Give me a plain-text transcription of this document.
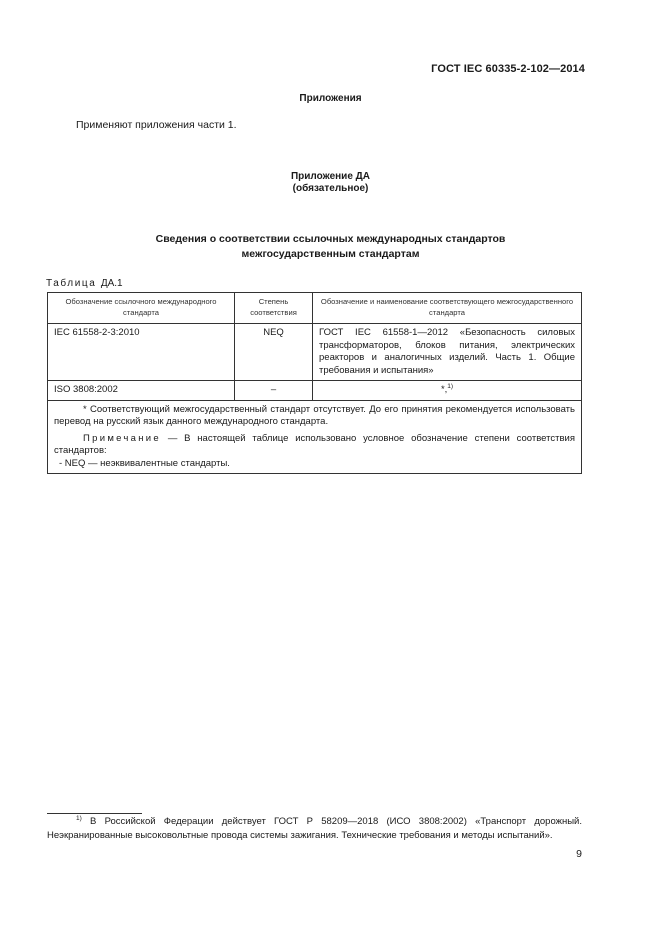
ГОСТ IEC 60335-2-102—2014
Приложения
Применяют приложения части 1.
Приложение ДА
(обязательное)
Сведения о соответствии ссылочных международных стандартов
межгосударственным стандартам
Таблица ДА.1
Обозначение ссылочного международного стандарта	Степень соответствия	Обозначение и наименование соответствующего межгосударственного стандарта
IEC 61558-2-3:2010	NEQ	ГОСТ IEC 61558-1—2012 «Безопасность силовых трансформаторов, блоков питания, электрических реакторов и аналогичных изделий. Часть 1. Общие требования и испытания»
ISO 3808:2002	–	*,$^{1)}$

* Соответствующий межгосударственный стандарт отсутствует. До его принятия рекомендуется использовать перевод на русский язык данного международного стандарта.

Примечание — В настоящей таблице использовано условное обозначение степени соответствия стандартов:

- NEQ — неэквивалентные стандарты.		

$^{1)}$ В Российской Федерации действует ГОСТ Р 58209—2018 (ИСО 3808:2002) «Транспорт дорожный. Неэкранированные высоковольтные провода системы зажигания. Технические требования и методы испытаний».

9
